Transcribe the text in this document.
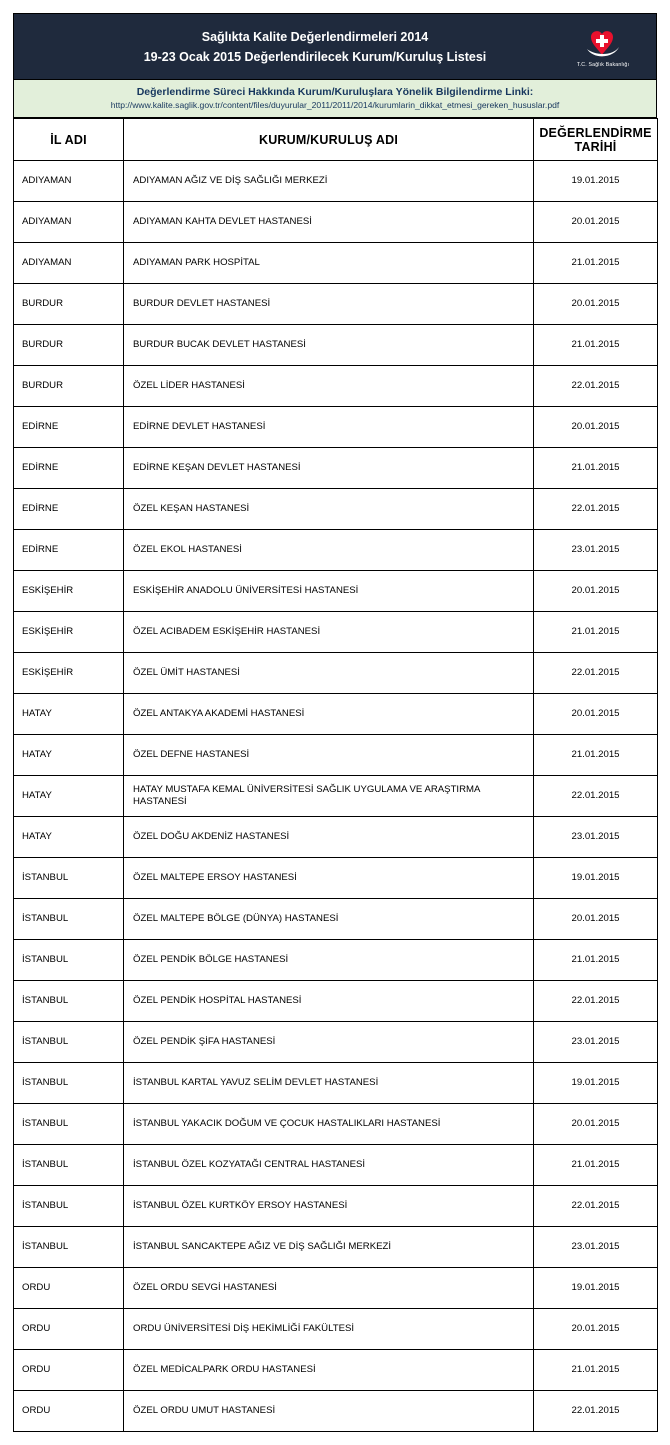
Sağlıkta Kalite Değerlendirmeleri 2014
19-23 Ocak 2015 Değerlendirilecek Kurum/Kuruluş Listesi
T.C. Sağlık Bakanlığı
Değerlendirme Süreci Hakkında Kurum/Kuruluşlara Yönelik Bilgilendirme Linki:
http://www.kalite.saglik.gov.tr/content/files/duyurular_2011/2011/2014/kurumlarin_dikkat_etmesi_gereken_hususlar.pdf
İL ADI	KURUM/KURULUŞ ADI	DEĞERLENDİRME
TARİHİ
ADIYAMAN	ADIYAMAN AĞIZ VE DİŞ SAĞLIĞI MERKEZİ	19.01.2015
ADIYAMAN	ADIYAMAN KAHTA DEVLET HASTANESİ	20.01.2015
ADIYAMAN	ADIYAMAN PARK HOSPİTAL	21.01.2015
BURDUR	BURDUR DEVLET HASTANESİ	20.01.2015
BURDUR	BURDUR BUCAK DEVLET HASTANESİ	21.01.2015
BURDUR	ÖZEL LİDER HASTANESİ	22.01.2015
EDİRNE	EDİRNE DEVLET HASTANESİ	20.01.2015
EDİRNE	EDİRNE KEŞAN DEVLET HASTANESİ	21.01.2015
EDİRNE	ÖZEL KEŞAN HASTANESİ	22.01.2015
EDİRNE	ÖZEL EKOL HASTANESİ	23.01.2015
ESKİŞEHİR	ESKİŞEHİR ANADOLU ÜNİVERSİTESİ HASTANESİ	20.01.2015
ESKİŞEHİR	ÖZEL ACIBADEM ESKİŞEHİR HASTANESİ	21.01.2015
ESKİŞEHİR	ÖZEL ÜMİT HASTANESİ	22.01.2015
HATAY	ÖZEL ANTAKYA AKADEMİ HASTANESİ	20.01.2015
HATAY	ÖZEL DEFNE HASTANESİ	21.01.2015
HATAY	HATAY MUSTAFA KEMAL ÜNİVERSİTESİ SAĞLIK UYGULAMA VE ARAŞTIRMA HASTANESİ	22.01.2015
HATAY	ÖZEL DOĞU AKDENİZ HASTANESİ	23.01.2015
İSTANBUL	ÖZEL MALTEPE ERSOY HASTANESİ	19.01.2015
İSTANBUL	ÖZEL MALTEPE BÖLGE (DÜNYA) HASTANESİ	20.01.2015
İSTANBUL	ÖZEL PENDİK BÖLGE HASTANESİ	21.01.2015
İSTANBUL	ÖZEL PENDİK HOSPİTAL HASTANESİ	22.01.2015
İSTANBUL	ÖZEL PENDİK ŞİFA HASTANESİ	23.01.2015
İSTANBUL	İSTANBUL KARTAL YAVUZ SELİM DEVLET HASTANESİ	19.01.2015
İSTANBUL	İSTANBUL YAKACIK DOĞUM VE ÇOCUK HASTALIKLARI HASTANESİ	20.01.2015
İSTANBUL	İSTANBUL ÖZEL KOZYATAĞI CENTRAL HASTANESİ	21.01.2015
İSTANBUL	İSTANBUL ÖZEL KURTKÖY ERSOY HASTANESİ	22.01.2015
İSTANBUL	İSTANBUL SANCAKTEPE AĞIZ VE DİŞ SAĞLIĞI MERKEZİ	23.01.2015
ORDU	ÖZEL ORDU SEVGİ HASTANESİ	19.01.2015
ORDU	ORDU ÜNİVERSİTESİ DİŞ HEKİMLİĞİ FAKÜLTESİ	20.01.2015
ORDU	ÖZEL MEDİCALPARK ORDU HASTANESİ	21.01.2015
ORDU	ÖZEL ORDU UMUT HASTANESİ	22.01.2015
